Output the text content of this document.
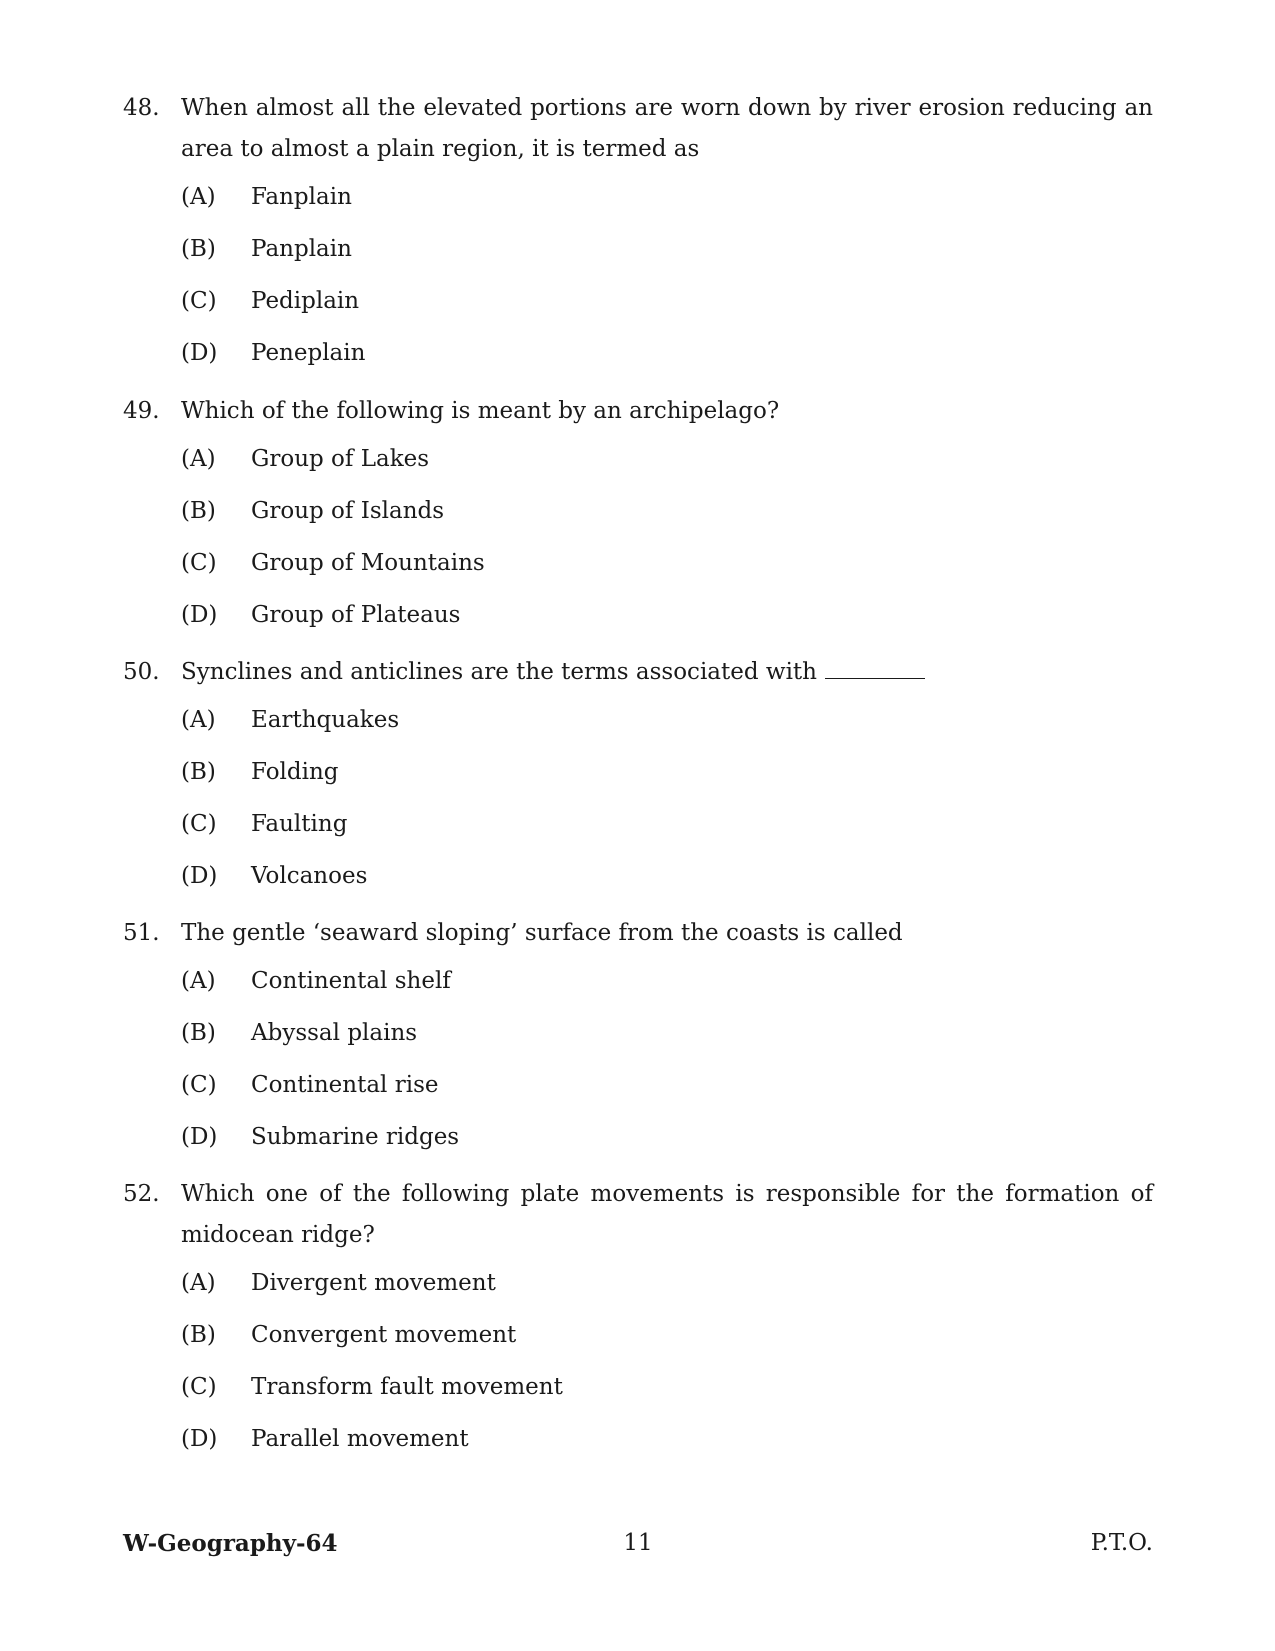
48. When almost all the elevated portions are worn down by river erosion reducing an area to almost a plain region, it is termed as
(A)	Fanplain
(B)	Panplain
(C)	Pediplain
(D)	Peneplain
49. Which of the following is meant by an archipelago?
(A)	Group of Lakes
(B)	Group of Islands
(C)	Group of Mountains
(D)	Group of Plateaus
50. Synclines and anticlines are the terms associated with
(A)	Earthquakes
(B)	Folding
(C)	Faulting
(D)	Volcanoes
51. The gentle ‘seaward sloping’ surface from the coasts is called
(A)	Continental shelf
(B)	Abyssal plains
(C)	Continental rise
(D)	Submarine ridges
52. Which one of the following plate movements is responsible for the formation of midocean ridge?
(A)	Divergent movement
(B)	Convergent movement
(C)	Transform fault movement
(D)	Parallel movement
W-Geography-64	11	P.T.O.
